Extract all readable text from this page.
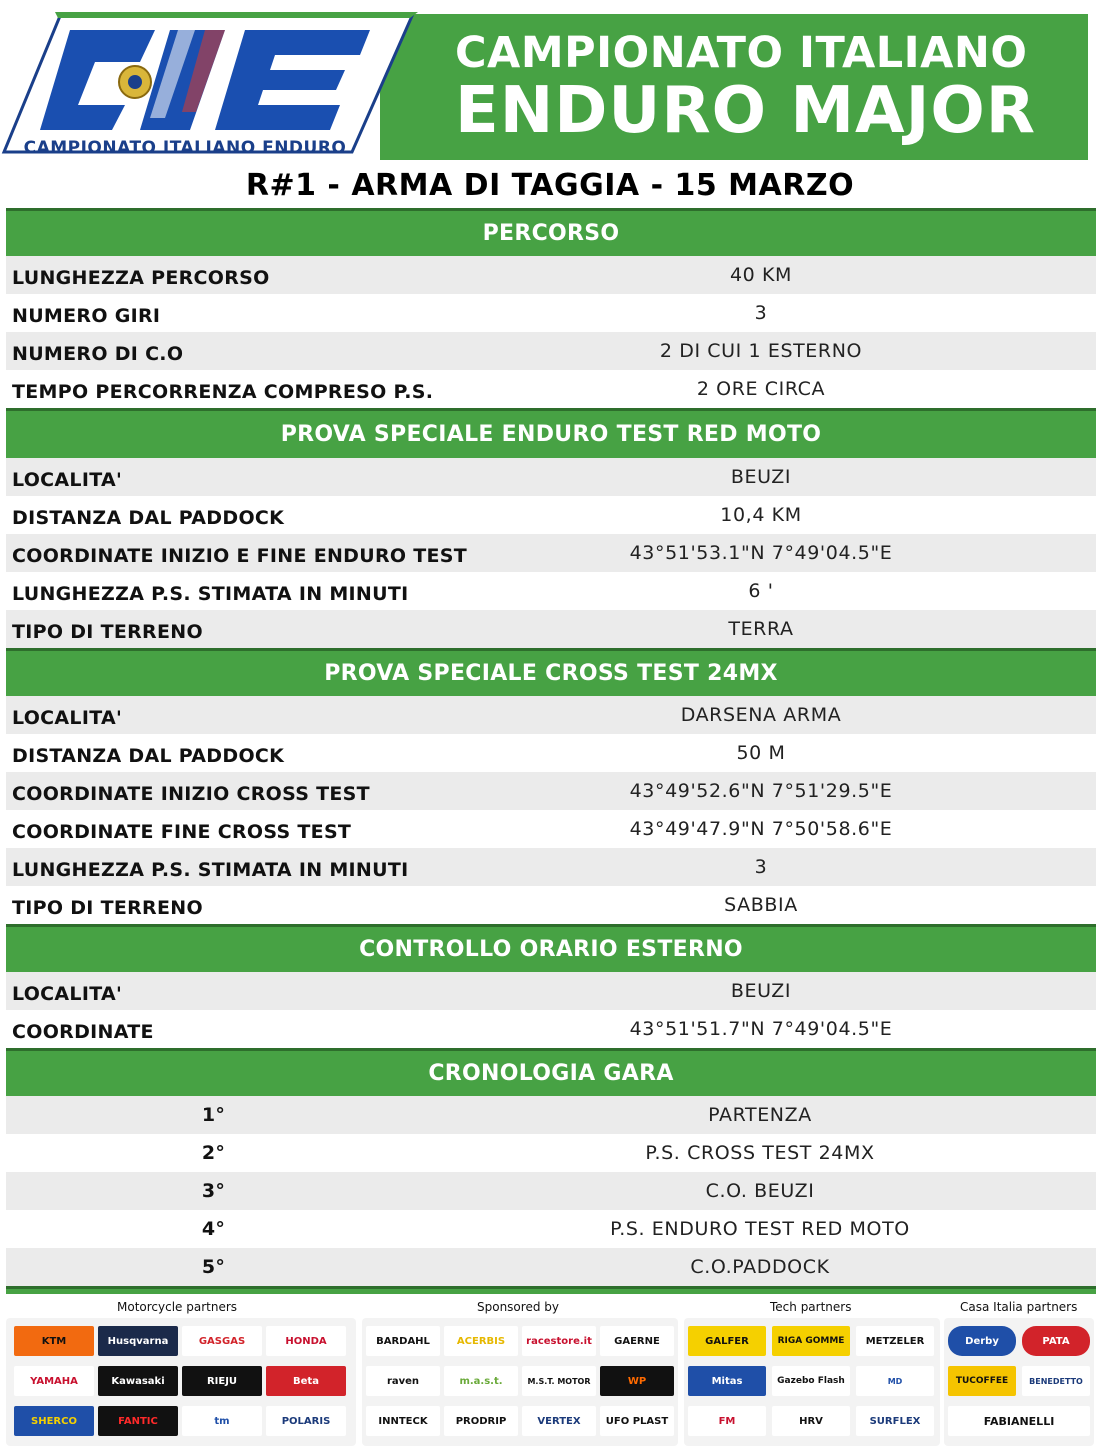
CAMPIONATO ITALIANO ENDURO
CAMPIONATO ITALIANO
ENDURO MAJOR
R#1 - ARMA DI TAGGIA - 15 MARZO
PERCORSO
LUNGHEZZA PERCORSO	40 KM
NUMERO GIRI	3
NUMERO DI C.O	2 DI CUI 1 ESTERNO
TEMPO PERCORRENZA COMPRESO P.S.	2 ORE CIRCA
PROVA SPECIALE ENDURO TEST RED MOTO
LOCALITA'	BEUZI
DISTANZA DAL PADDOCK	10,4 KM
COORDINATE INIZIO E FINE ENDURO TEST	43°51'53.1"N 7°49'04.5"E
LUNGHEZZA P.S. STIMATA IN MINUTI	6 '
TIPO DI TERRENO	TERRA
PROVA SPECIALE CROSS TEST 24MX
LOCALITA'	DARSENA ARMA
DISTANZA DAL PADDOCK	50 M
COORDINATE INIZIO CROSS TEST	43°49'52.6"N 7°51'29.5"E
COORDINATE FINE CROSS TEST	43°49'47.9"N 7°50'58.6"E
LUNGHEZZA P.S. STIMATA IN MINUTI	3
TIPO DI TERRENO	SABBIA
CONTROLLO ORARIO ESTERNO
LOCALITA'	BEUZI
COORDINATE	43°51'51.7"N 7°49'04.5"E
CRONOLOGIA GARA
1°	PARTENZA
2°	P.S. CROSS TEST 24MX
3°	C.O. BEUZI
4°	P.S. ENDURO TEST RED MOTO
5°	C.O.PADDOCK
Motorcycle partners
KTM	Husqvarna	GASGAS	HONDA
YAMAHA	Kawasaki	RIEJU	Beta
SHERCO	FANTIC	tm	POLARIS
Sponsored by
BARDAHL	ACERBIS	racestore.it	GAERNE
raven	m.a.s.t.	M.S.T. MOTOR	WP
INNTECK	PRODRIP	VERTEX	UFO PLAST
Tech partners
GALFER	RIGA GOMME	METZELER
Mitas	Gazebo Flash	MD
FM	HRV	SURFLEX
Casa Italia partners
Derby	PATA
TUCOFFEE	BENEDETTO
FABIANELLI
